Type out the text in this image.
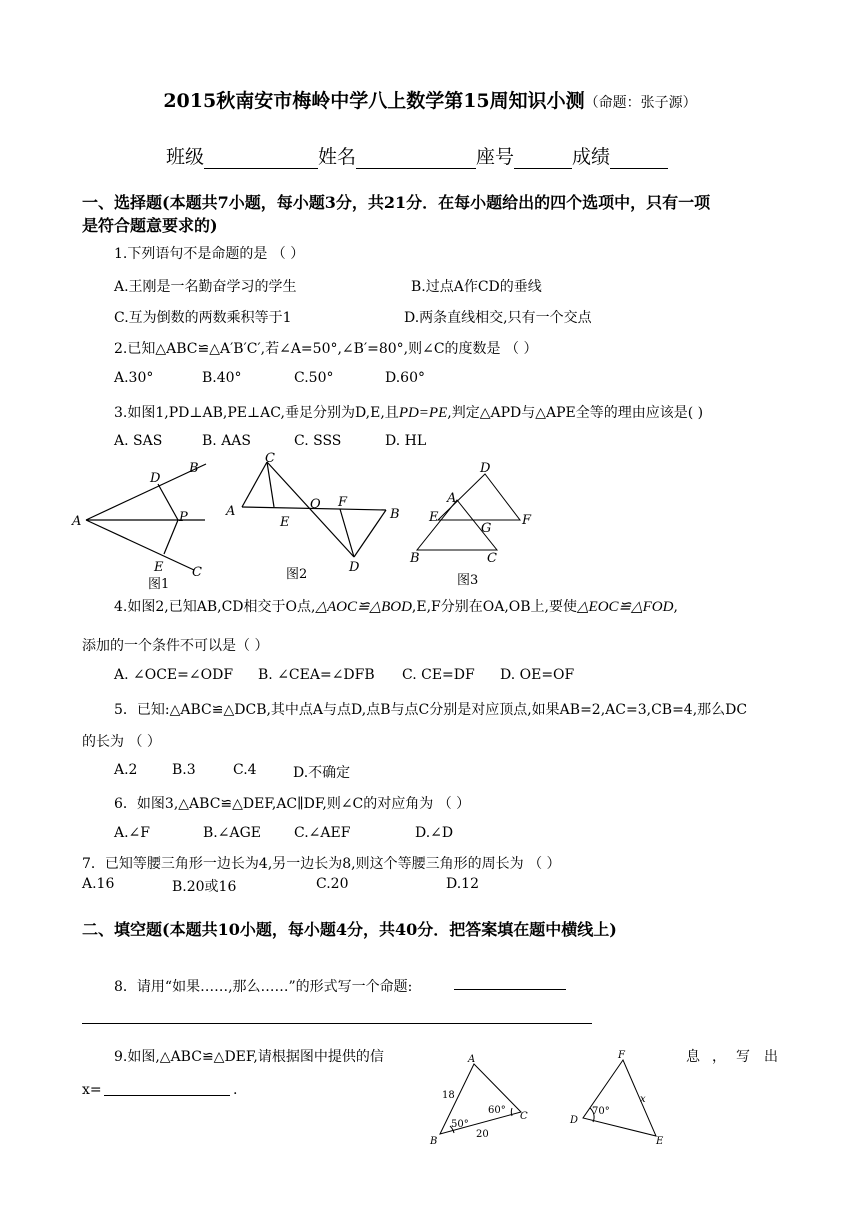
2015秋南安市梅岭中学八上数学第15周知识小测（命题：张子源）
班级	姓名	座号	成绩
一、选择题(本题共7小题，每小题3分，共21分．在每小题给出的四个选项中，只有一项
是符合题意要求的)
1.下列语句不是命题的是 （ ）
A.王刚是一名勤奋学习的学生	B.过点A作CD的垂线
C.互为倒数的两数乘积等于1	D.两条直线相交,只有一个交点
2.已知△ABC≌△A′B′C′,若∠A=50°,∠B′=80°,则∠C的度数是 （ ）
A.30°	B.40°	C.50°	D.60°
3.如图1,PD⊥AB,PE⊥AC,垂足分别为D,E,且PD=PE,判定△APD与△APE全等的理由应该是( )
A. SAS	B. AAS	C. SSS	D. HL
A
B
C
D
E
P
图1
A	B
C
D
E
F
O
图2
A
B	C
D
E	F
G
图3
4.如图2,已知AB,CD相交于O点,△AOC≌△BOD,E,F分别在OA,OB上,要使△EOC≌△FOD,
添加的一个条件不可以是（ ）
A. ∠OCE=∠ODF B. ∠CEA=∠DFB C. CE=DF D. OE=OF
5．已知:△ABC≌△DCB,其中点A与点D,点B与点C分别是对应顶点,如果AB=2,AC=3,CB=4,那么DC
的长为 （ ）
A.2 B.3	C.4	D.不确定
6．如图3,△ABC≌△DEF,AC∥DF,则∠C的对应角为 （ ）
A.∠F	B.∠AGE C.∠AEF	D.∠D
7．已知等腰三角形一边长为4,另一边长为8,则这个等腰三角形的周长为 （ ）
A.16	B.20或16	C.20	D.12
二、填空题(本题共10小题，每小题4分，共40分．把答案填在题中横线上)
8．请用“如果……,那么……”的形式写一个命题:
9.如图,△ABC≌△DEF,请根据图中提供的信	息 ， 写 出
x=	.
A
B
C
18
20
50°
60°
D
E
F
x
70°
